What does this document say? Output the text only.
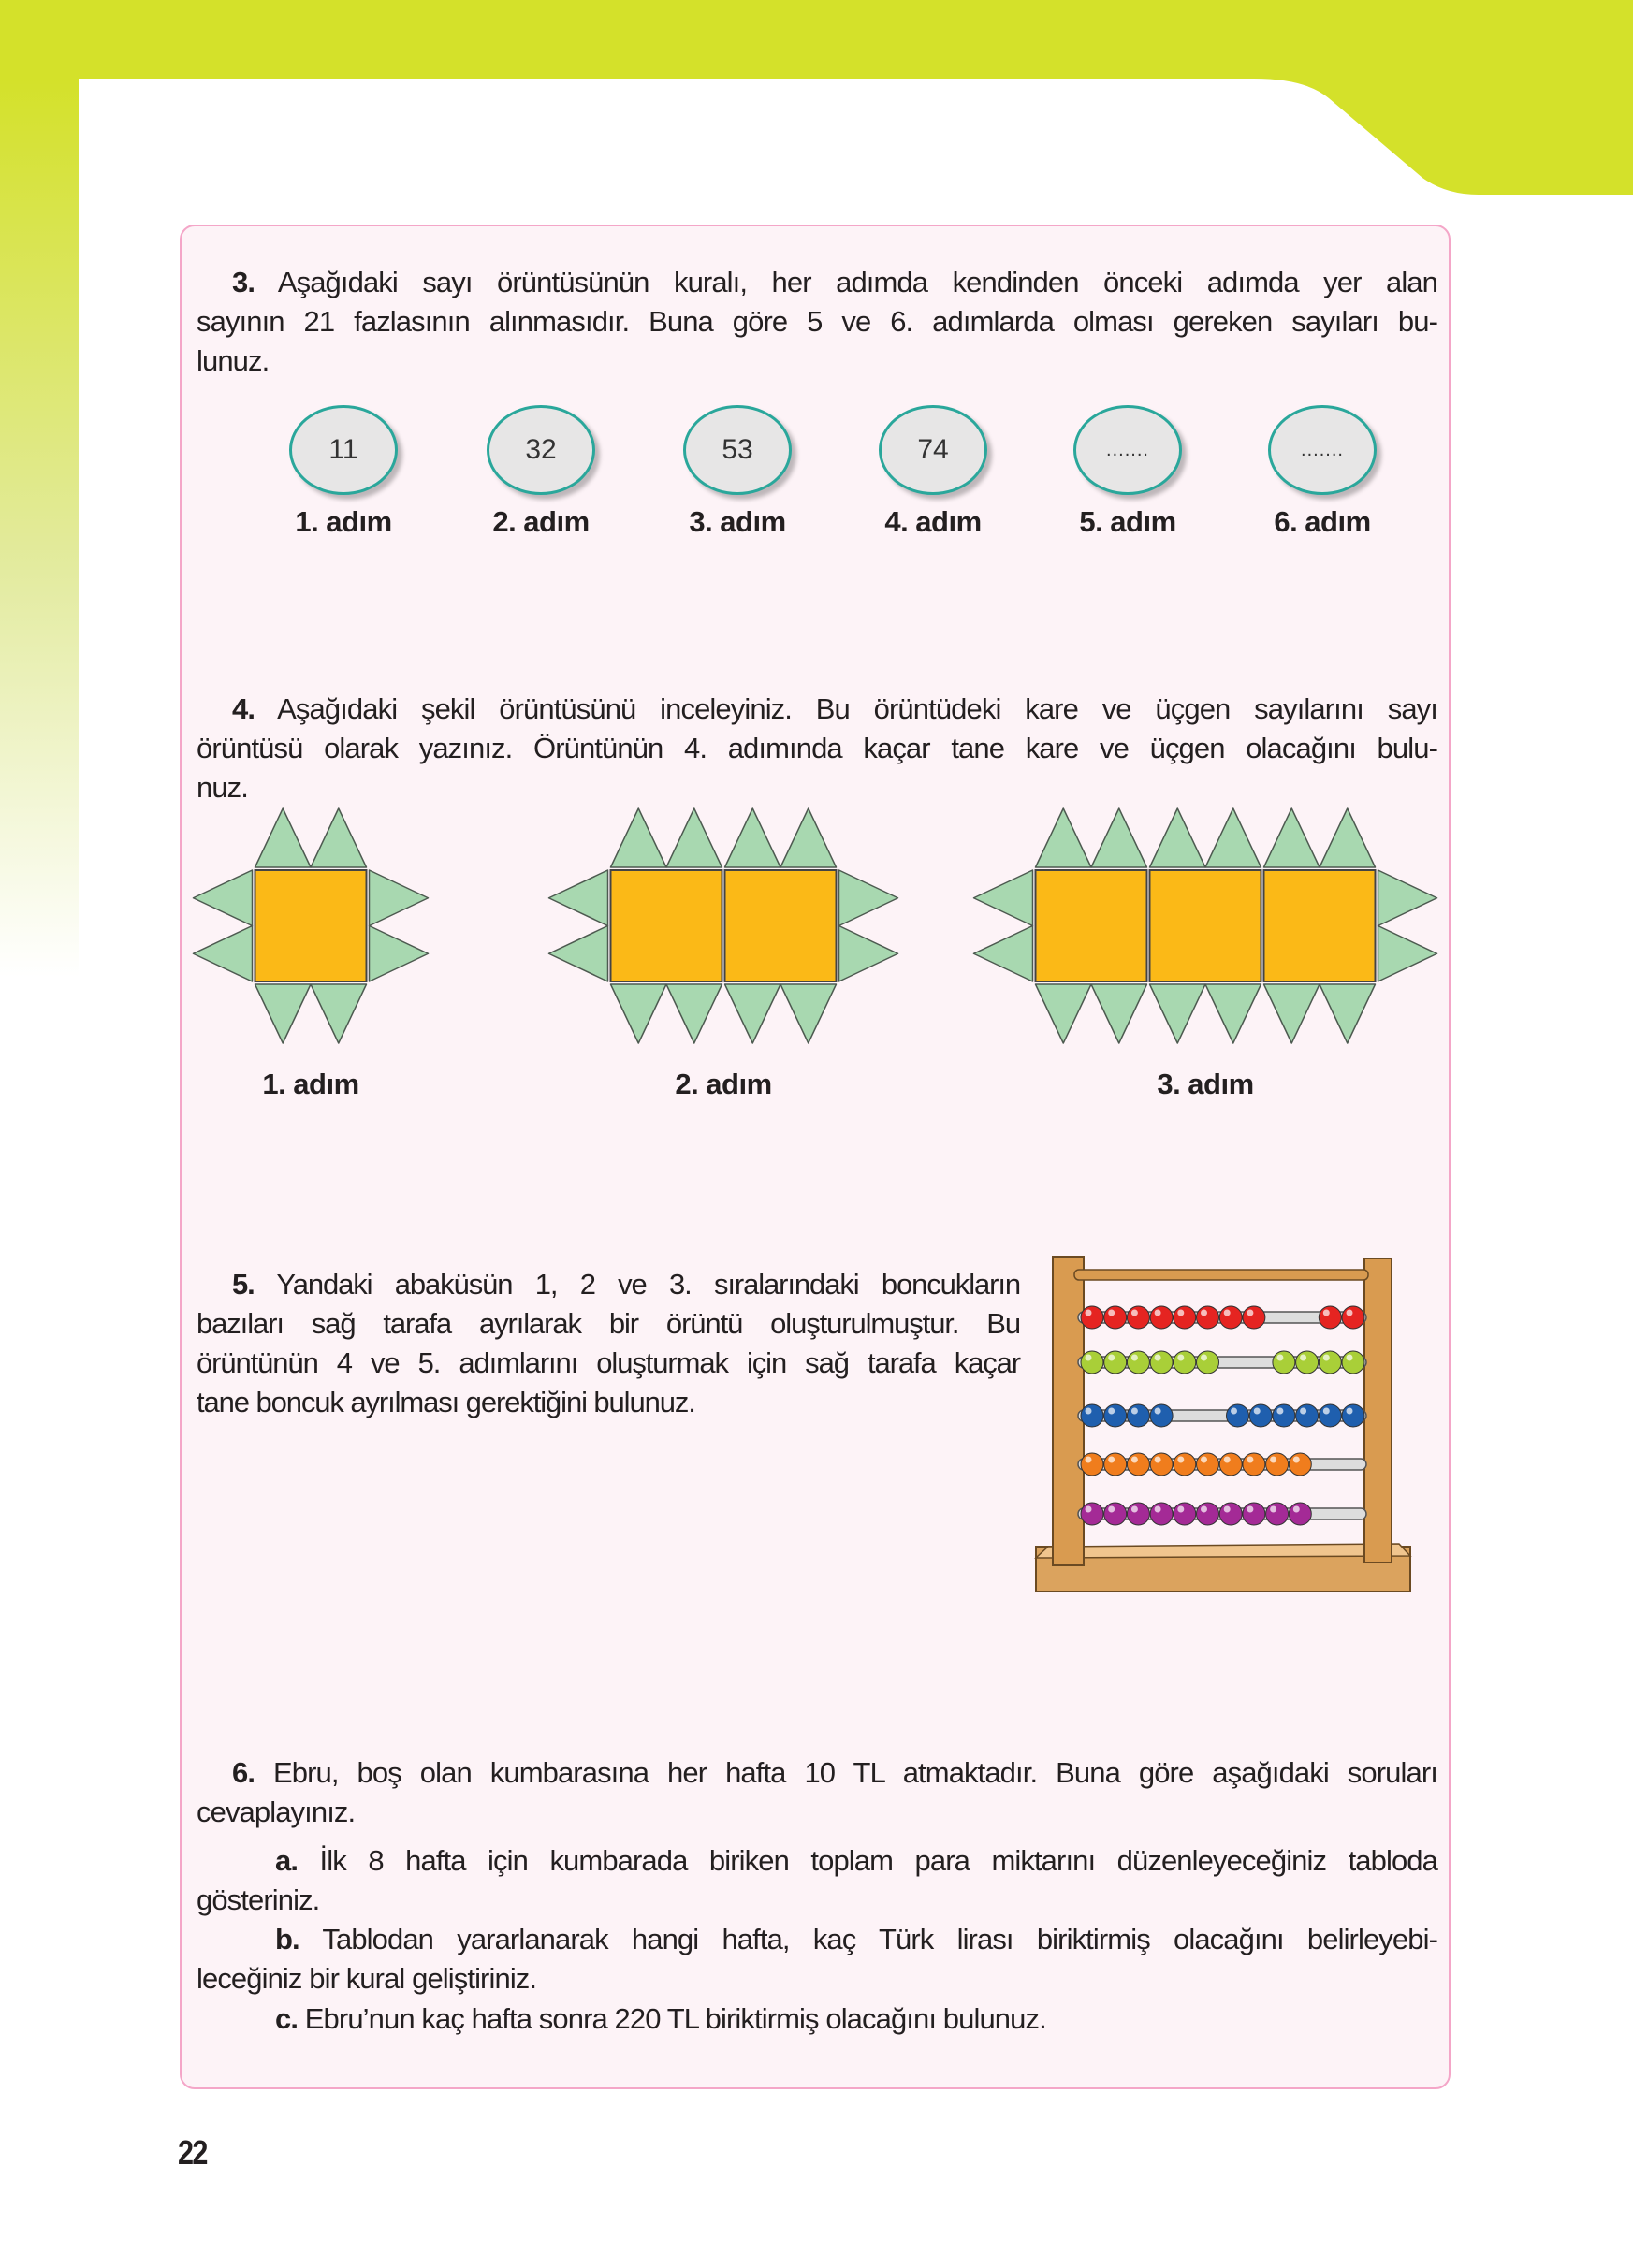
3. Aşağıdaki sayı örüntüsünün kuralı, her adımda kendinden önceki adımda yer alan
sayının 21 fazlasının alınmasıdır. Buna göre 5 ve 6. adımlarda olması gereken sayıları bu-
lunuz.
11
1. adım
32
2. adım
53
3. adım
74
4. adım
.......
5. adım
.......
6. adım
4. Aşağıdaki şekil örüntüsünü inceleyiniz. Bu örüntüdeki kare ve üçgen sayılarını sayı
örüntüsü olarak yazınız. Örüntünün 4. adımında kaçar tane kare ve üçgen olacağını bulu-
nuz.
1. adım	2. adım	3. adım
5. Yandaki abaküsün 1, 2 ve 3. sıralarındaki boncukların
bazıları sağ tarafa ayrılarak bir örüntü oluşturulmuştur. Bu
örüntünün 4 ve 5. adımlarını oluşturmak için sağ tarafa kaçar
tane boncuk ayrılması gerektiğini bulunuz.
6. Ebru, boş olan kumbarasına her hafta 10 TL atmaktadır. Buna göre aşağıdaki soruları
cevaplayınız.
a. İlk 8 hafta için kumbarada biriken toplam para miktarını düzenleyeceğiniz tabloda
gösteriniz.
b. Tablodan yararlanarak hangi hafta, kaç Türk lirası biriktirmiş olacağını belirleyebi-
leceğiniz bir kural geliştiriniz.
c. Ebru’nun kaç hafta sonra 220 TL biriktirmiş olacağını bulunuz.
22
